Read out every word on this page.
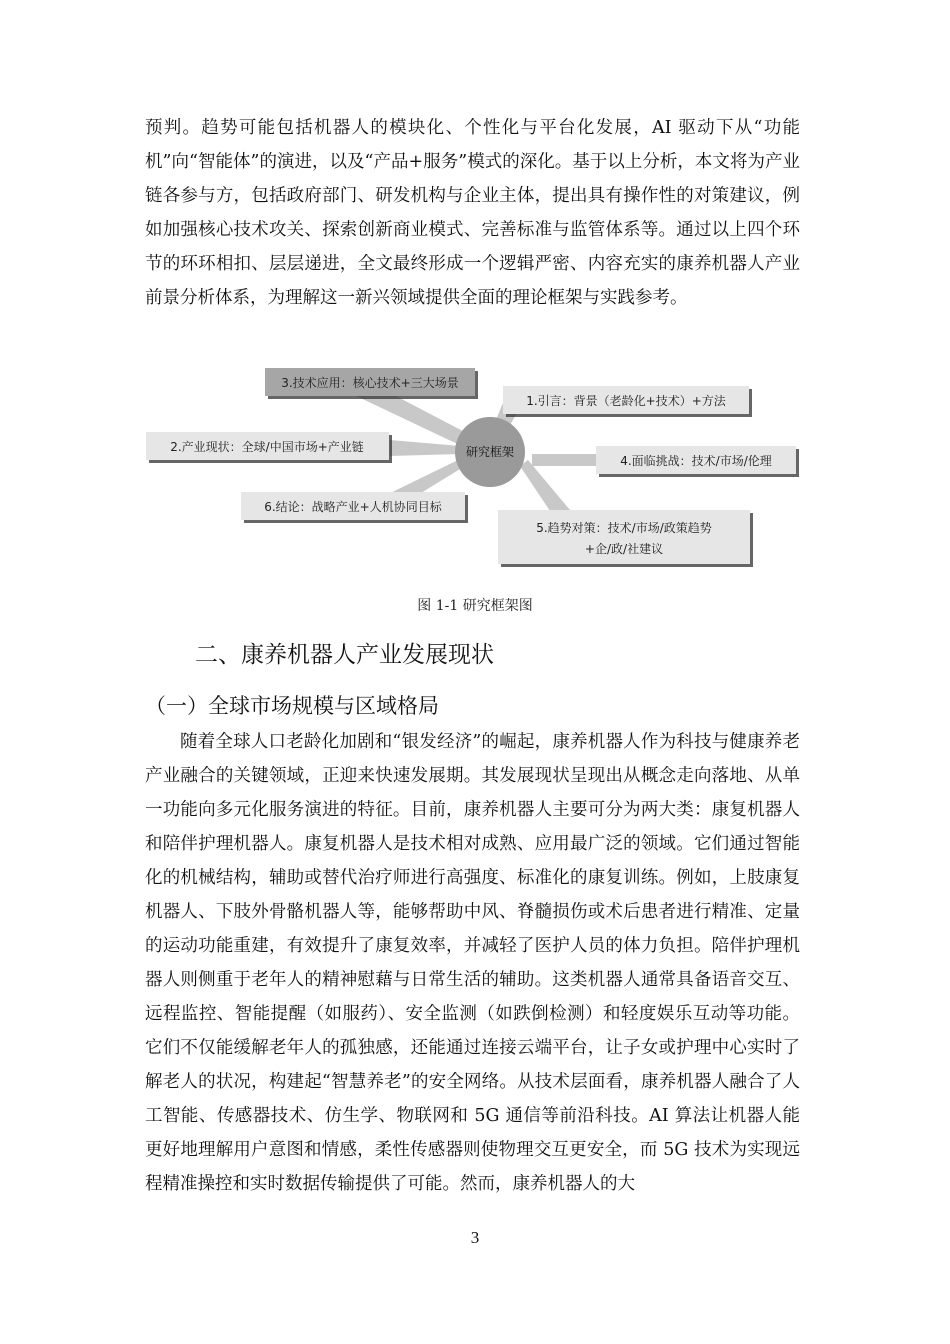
预判。趋势可能包括机器人的模块化、个性化与平台化发展，AI 驱动下从“功能机”向“智能体”的演进，以及“产品+服务”模式的深化。基于以上分析，本文将为产业链各参与方，包括政府部门、研发机构与企业主体，提出具有操作性的对策建议，例如加强核心技术攻关、探索创新商业模式、完善标准与监管体系等。通过以上四个环节的环环相扣、层层递进，全文最终形成一个逻辑严密、内容充实的康养机器人产业前景分析体系，为理解这一新兴领域提供全面的理论框架与实践参考。

研究框架
3.技术应用：核心技术+三大场景
1.引言：背景（老龄化+技术）+方法
2.产业现状：全球/中国市场+产业链
4.面临挑战：技术/市场/伦理
6.结论：战略产业+人机协同目标
5.趋势对策：技术/市场/政策趋势
+企/政/社建议
图 1-1 研究框架图
二、康养机器人产业发展现状
（一）全球市场规模与区域格局

随着全球人口老龄化加剧和“银发经济”的崛起，康养机器人作为科技与健康养老产业融合的关键领域，正迎来快速发展期。其发展现状呈现出从概念走向落地、从单一功能向多元化服务演进的特征。目前，康养机器人主要可分为两大类：康复机器人和陪伴护理机器人。康复机器人是技术相对成熟、应用最广泛的领域。它们通过智能化的机械结构，辅助或替代治疗师进行高强度、标准化的康复训练。例如，上肢康复机器人、下肢外骨骼机器人等，能够帮助中风、脊髓损伤或术后患者进行精准、定量的运动功能重建，有效提升了康复效率，并减轻了医护人员的体力负担。陪伴护理机器人则侧重于老年人的精神慰藉与日常生活的辅助。这类机器人通常具备语音交互、远程监控、智能提醒（如服药）、安全监测（如跌倒检测）和轻度娱乐互动等功能。它们不仅能缓解老年人的孤独感，还能通过连接云端平台，让子女或护理中心实时了解老人的状况，构建起“智慧养老”的安全网络。从技术层面看，康养机器人融合了人工智能、传感器技术、仿生学、物联网和 5G 通信等前沿科技。AI 算法让机器人能更好地理解用户意图和情感，柔性传感器则使物理交互更安全，而 5G 技术为实现远程精准操控和实时数据传输提供了可能。然而，康养机器人的大

3
